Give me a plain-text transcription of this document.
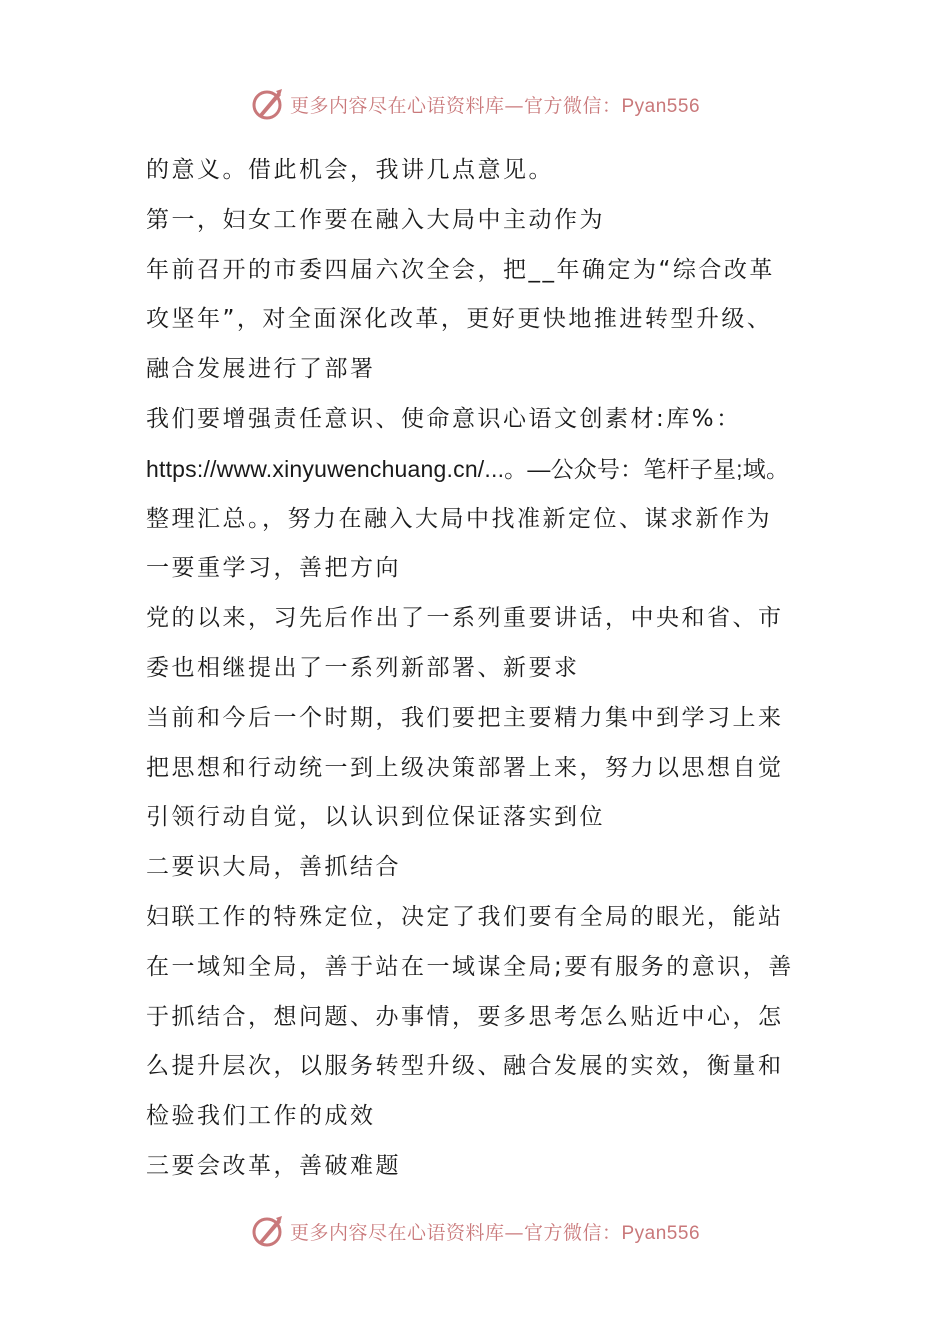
更多内容尽在心语资料库—官方微信：Pyan556
的意义。借此机会，我讲几点意见。
第一，妇女工作要在融入大局中主动作为
年前召开的市委四届六次全会，把__年确定为“综合改革
攻坚年”，对全面深化改革，更好更快地推进转型升级、
融合发展进行了部署
我们要增强责任意识、使命意识心语文创素材:库%：
https://www.xinyuwenchuang.cn/...。—公众号：笔杆子星;域。
整理汇总。，努力在融入大局中找准新定位、谋求新作为
一要重学习，善把方向
党的以来，习先后作出了一系列重要讲话，中央和省、市
委也相继提出了一系列新部署、新要求
当前和今后一个时期，我们要把主要精力集中到学习上来
把思想和行动统一到上级决策部署上来，努力以思想自觉
引领行动自觉，以认识到位保证落实到位
二要识大局，善抓结合
妇联工作的特殊定位，决定了我们要有全局的眼光，能站
在一域知全局，善于站在一域谋全局;要有服务的意识，善
于抓结合，想问题、办事情，要多思考怎么贴近中心，怎
么提升层次，以服务转型升级、融合发展的实效，衡量和
检验我们工作的成效
三要会改革，善破难题
更多内容尽在心语资料库—官方微信：Pyan556
